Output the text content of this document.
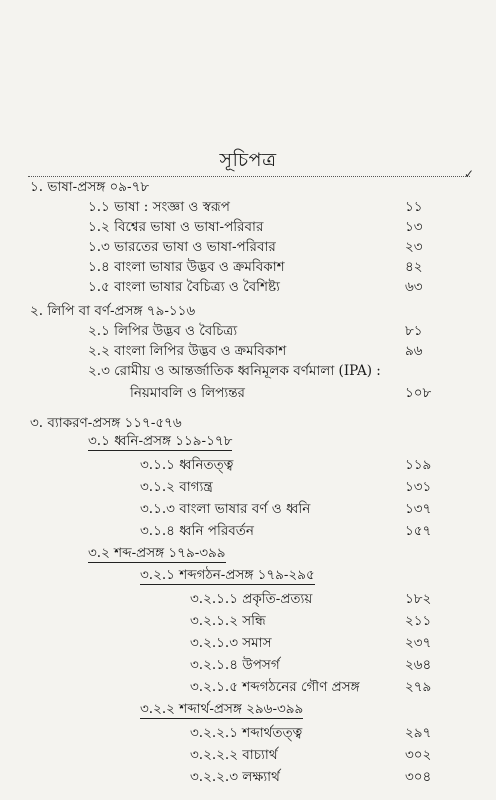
সূচিপত্র
✓
১. ভাষা-প্রসঙ্গ ০৯-৭৮
১.১ ভাষা : সংজ্ঞা ও স্বরূপ	১১
১.২ বিশ্বের ভাষা ও ভাষা-পরিবার	১৩
১.৩ ভারতের ভাষা ও ভাষা-পরিবার	২৩
১.৪ বাংলা ভাষার উদ্ভব ও ক্রমবিকাশ	৪২
১.৫ বাংলা ভাষার বৈচিত্র্য ও বৈশিষ্ট্য	৬৩
২. লিপি বা বর্ণ-প্রসঙ্গ ৭৯-১১৬
২.১ লিপির উদ্ভব ও বৈচিত্র্য	৮১
২.২ বাংলা লিপির উদ্ভব ও ক্রমবিকাশ	৯৬
২.৩ রোমীয় ও আন্তর্জাতিক ধ্বনিমূলক বর্ণমালা (IPA) :
নিয়মাবলি ও লিপ্যন্তর	১০৮
৩. ব্যাকরণ-প্রসঙ্গ ১১৭-৫৭৬
৩.১ ধ্বনি-প্রসঙ্গ ১১৯-১৭৮
৩.১.১ ধ্বনিতত্ত্ব	১১৯
৩.১.২ বাগ্যন্ত্র	১৩১
৩.১.৩ বাংলা ভাষার বর্ণ ও ধ্বনি	১৩৭
৩.১.৪ ধ্বনি পরিবর্তন	১৫৭
৩.২ শব্দ-প্রসঙ্গ ১৭৯-৩৯৯
৩.২.১ শব্দগঠন-প্রসঙ্গ ১৭৯-২৯৫
৩.২.১.১ প্রকৃতি-প্রত্যয়	১৮২
৩.২.১.২ সন্ধি	২১১
৩.২.১.৩ সমাস	২৩৭
৩.২.১.৪ উপসর্গ	২৬৪
৩.২.১.৫ শব্দগঠনের গৌণ প্রসঙ্গ	২৭৯
৩.২.২ শব্দার্থ-প্রসঙ্গ ২৯৬-৩৯৯
৩.২.২.১ শব্দার্থতত্ত্ব	২৯৭
৩.২.২.২ বাচ্যার্থ	৩০২
৩.২.২.৩ লক্ষ্যার্থ	৩০৪
